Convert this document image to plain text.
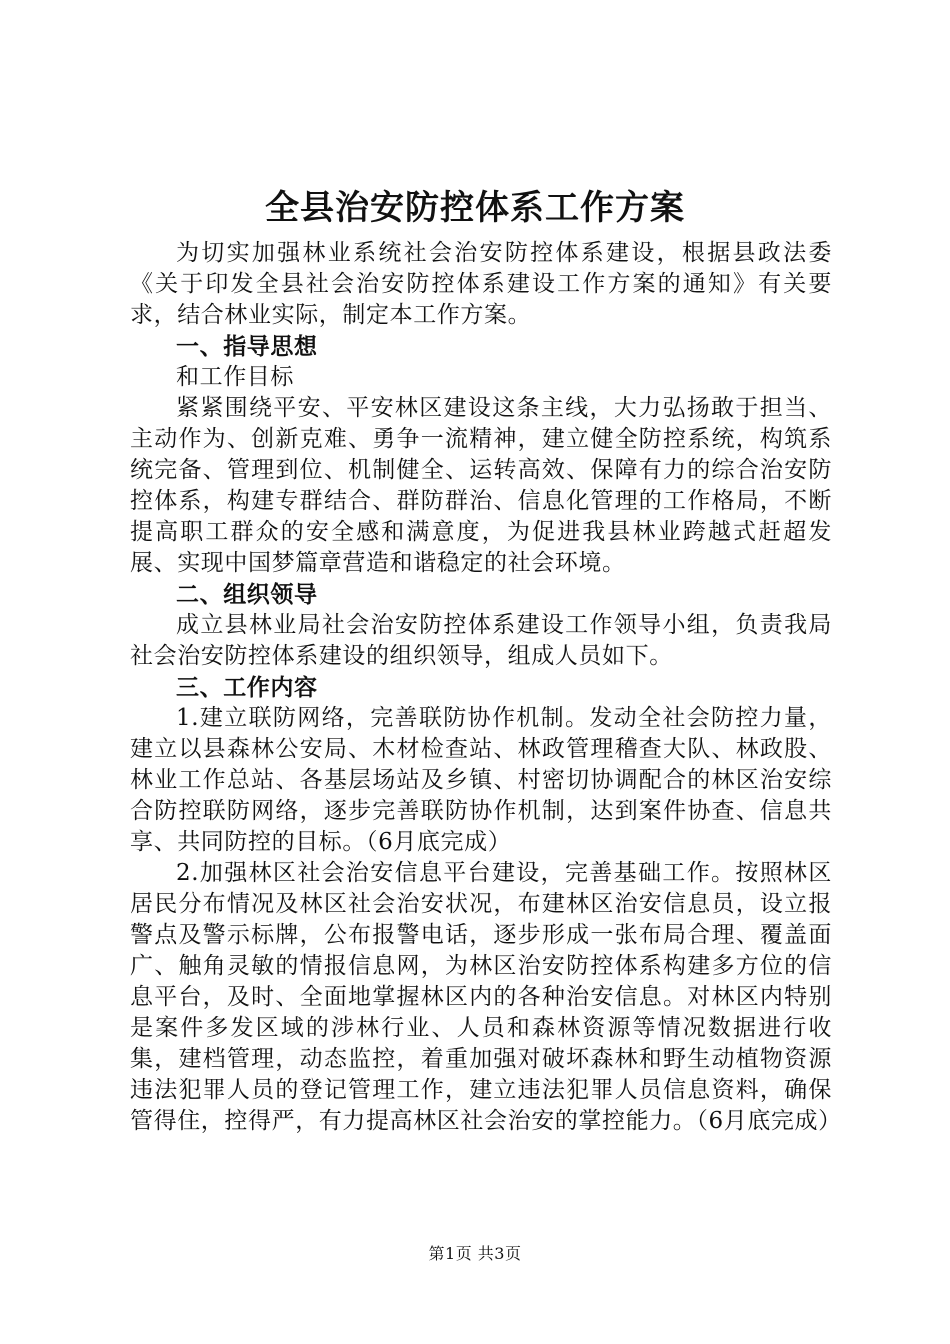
全县治安防控体系工作方案

为切实加强林业系统社会治安防控体系建设，根据县政法委《关于印发全县社会治安防控体系建设工作方案的通知》有关要求，结合林业实际，制定本工作方案。

一、指导思想

和工作目标

紧紧围绕平安、平安林区建设这条主线，大力弘扬敢于担当、主动作为、创新克难、勇争一流精神，建立健全防控系统，构筑系统完备、管理到位、机制健全、运转高效、保障有力的综合治安防控体系，构建专群结合、群防群治、信息化管理的工作格局，不断提高职工群众的安全感和满意度，为促进我县林业跨越式赶超发展、实现中国梦篇章营造和谐稳定的社会环境。

二、组织领导

成立县林业局社会治安防控体系建设工作领导小组，负责我局社会治安防控体系建设的组织领导，组成人员如下。

三、工作内容

1.建立联防网络，完善联防协作机制。发动全社会防控力量，建立以县森林公安局、木材检查站、林政管理稽查大队、林政股、林业工作总站、各基层场站及乡镇、村密切协调配合的林区治安综合防控联防网络，逐步完善联防协作机制，达到案件协查、信息共享、共同防控的目标。（6月底完成）

2.加强林区社会治安信息平台建设，完善基础工作。按照林区居民分布情况及林区社会治安状况，布建林区治安信息员，设立报警点及警示标牌，公布报警电话，逐步形成一张布局合理、覆盖面广、触角灵敏的情报信息网，为林区治安防控体系构建多方位的信息平台，及时、全面地掌握林区内的各种治安信息。对林区内特别是案件多发区域的涉林行业、人员和森林资源等情况数据进行收集，建档管理，动态监控，着重加强对破坏森林和野生动植物资源违法犯罪人员的登记管理工作，建立违法犯罪人员信息资料，确保管得住，控得严，有力提高林区社会治安的掌控能力。（6月底完成）

第1页 共3页
